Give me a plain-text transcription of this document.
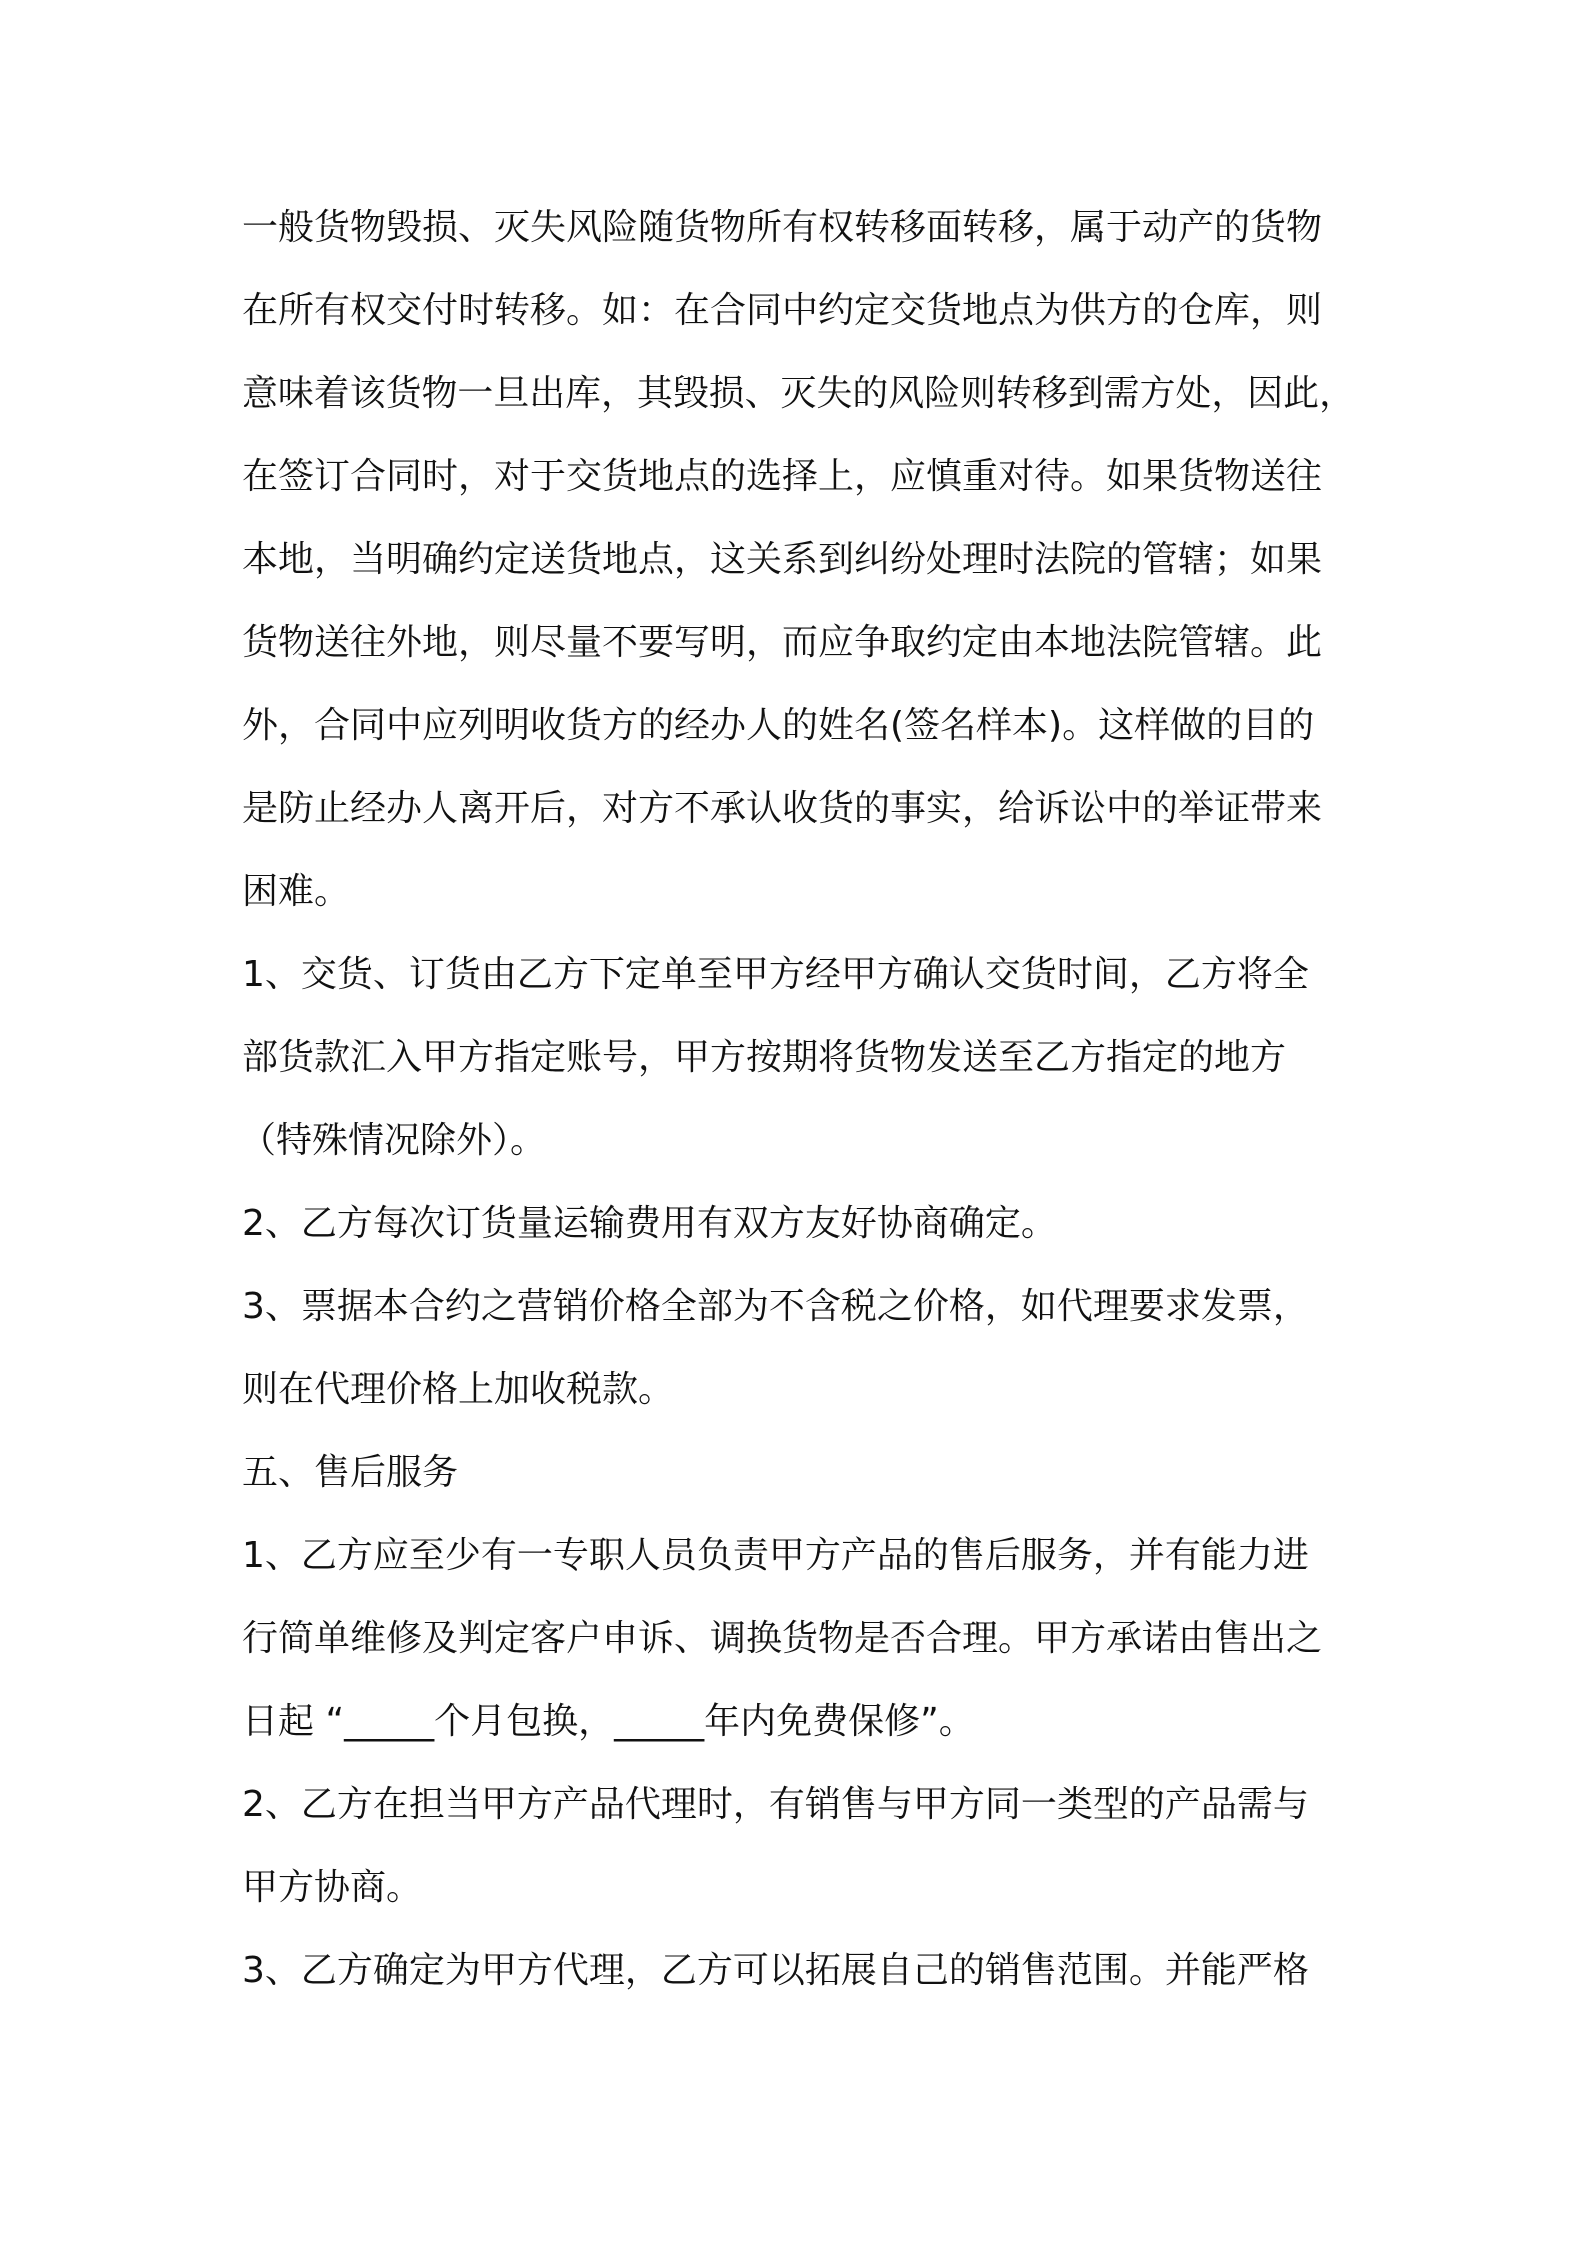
一般货物毁损、灭失风险随货物所有权转移面转移，属于动产的货物
在所有权交付时转移。如：在合同中约定交货地点为供方的仓库，则
意味着该货物一旦出库，其毁损、灭失的风险则转移到需方处，因此，
在签订合同时，对于交货地点的选择上，应慎重对待。如果货物送往
本地，当明确约定送货地点，这关系到纠纷处理时法院的管辖；如果
货物送往外地，则尽量不要写明，而应争取约定由本地法院管辖。此
外，合同中应列明收货方的经办人的姓名(签名样本)。这样做的目的
是防止经办人离开后，对方不承认收货的事实，给诉讼中的举证带来
困难。
1、交货、订货由乙方下定单至甲方经甲方确认交货时间，乙方将全
部货款汇入甲方指定账号，甲方按期将货物发送至乙方指定的地方
（特殊情况除外）。
2、乙方每次订货量运输费用有双方友好协商确定。
3、票据本合约之营销价格全部为不含税之价格，如代理要求发票，
则在代理价格上加收税款。
五、售后服务
1、乙方应至少有一专职人员负责甲方产品的售后服务，并有能力进
行简单维修及判定客户申诉、调换货物是否合理。甲方承诺由售出之
日起 “_____个月包换，_____年内免费保修”。
2、乙方在担当甲方产品代理时，有销售与甲方同一类型的产品需与
甲方协商。
3、乙方确定为甲方代理，乙方可以拓展自己的销售范围。并能严格
